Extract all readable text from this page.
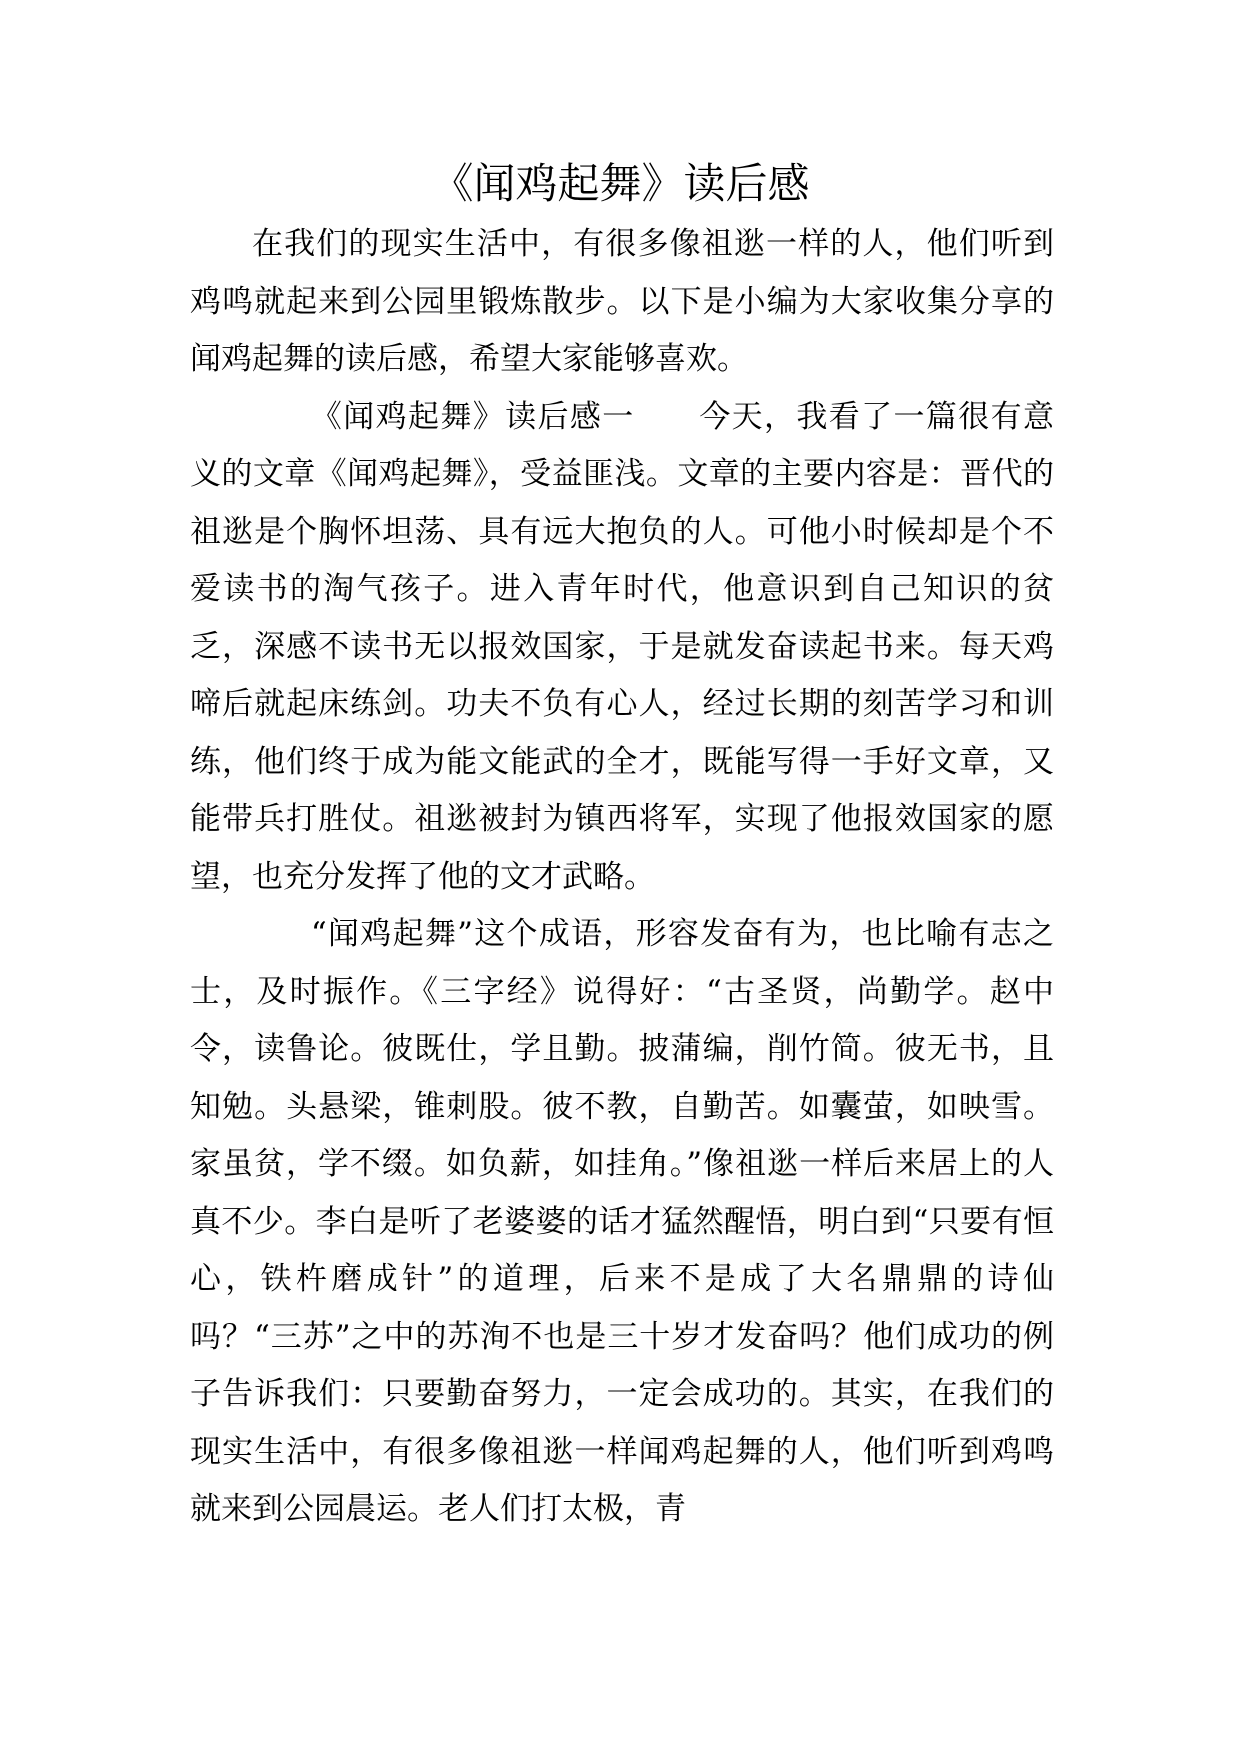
《闻鸡起舞》读后感

在我们的现实生活中，有很多像祖逖一样的人，他们听到鸡鸣就起来到公园里锻炼散步。以下是小编为大家收集分享的闻鸡起舞的读后感，希望大家能够喜欢。

《闻鸡起舞》读后感一　　今天，我看了一篇很有意义的文章《闻鸡起舞》，受益匪浅。文章的主要内容是：晋代的祖逖是个胸怀坦荡、具有远大抱负的人。可他小时候却是个不爱读书的淘气孩子。进入青年时代，他意识到自己知识的贫乏，深感不读书无以报效国家，于是就发奋读起书来。每天鸡啼后就起床练剑。功夫不负有心人，经过长期的刻苦学习和训练，他们终于成为能文能武的全才，既能写得一手好文章，又能带兵打胜仗。祖逖被封为镇西将军，实现了他报效国家的愿望，也充分发挥了他的文才武略。

“闻鸡起舞”这个成语，形容发奋有为，也比喻有志之士，及时振作。《三字经》说得好：“古圣贤，尚勤学。赵中令，读鲁论。彼既仕，学且勤。披蒲编，削竹简。彼无书，且知勉。头悬梁，锥刺股。彼不教，自勤苦。如囊萤，如映雪。家虽贫，学不缀。如负薪，如挂角。”像祖逖一样后来居上的人真不少。李白是听了老婆婆的话才猛然醒悟，明白到“只要有恒心，铁杵磨成针”的道理，后来不是成了大名鼎鼎的诗仙吗？“三苏”之中的苏洵不也是三十岁才发奋吗？他们成功的例子告诉我们：只要勤奋努力，一定会成功的。其实，在我们的现实生活中，有很多像祖逖一样闻鸡起舞的人，他们听到鸡鸣就来到公园晨运。老人们打太极，青
